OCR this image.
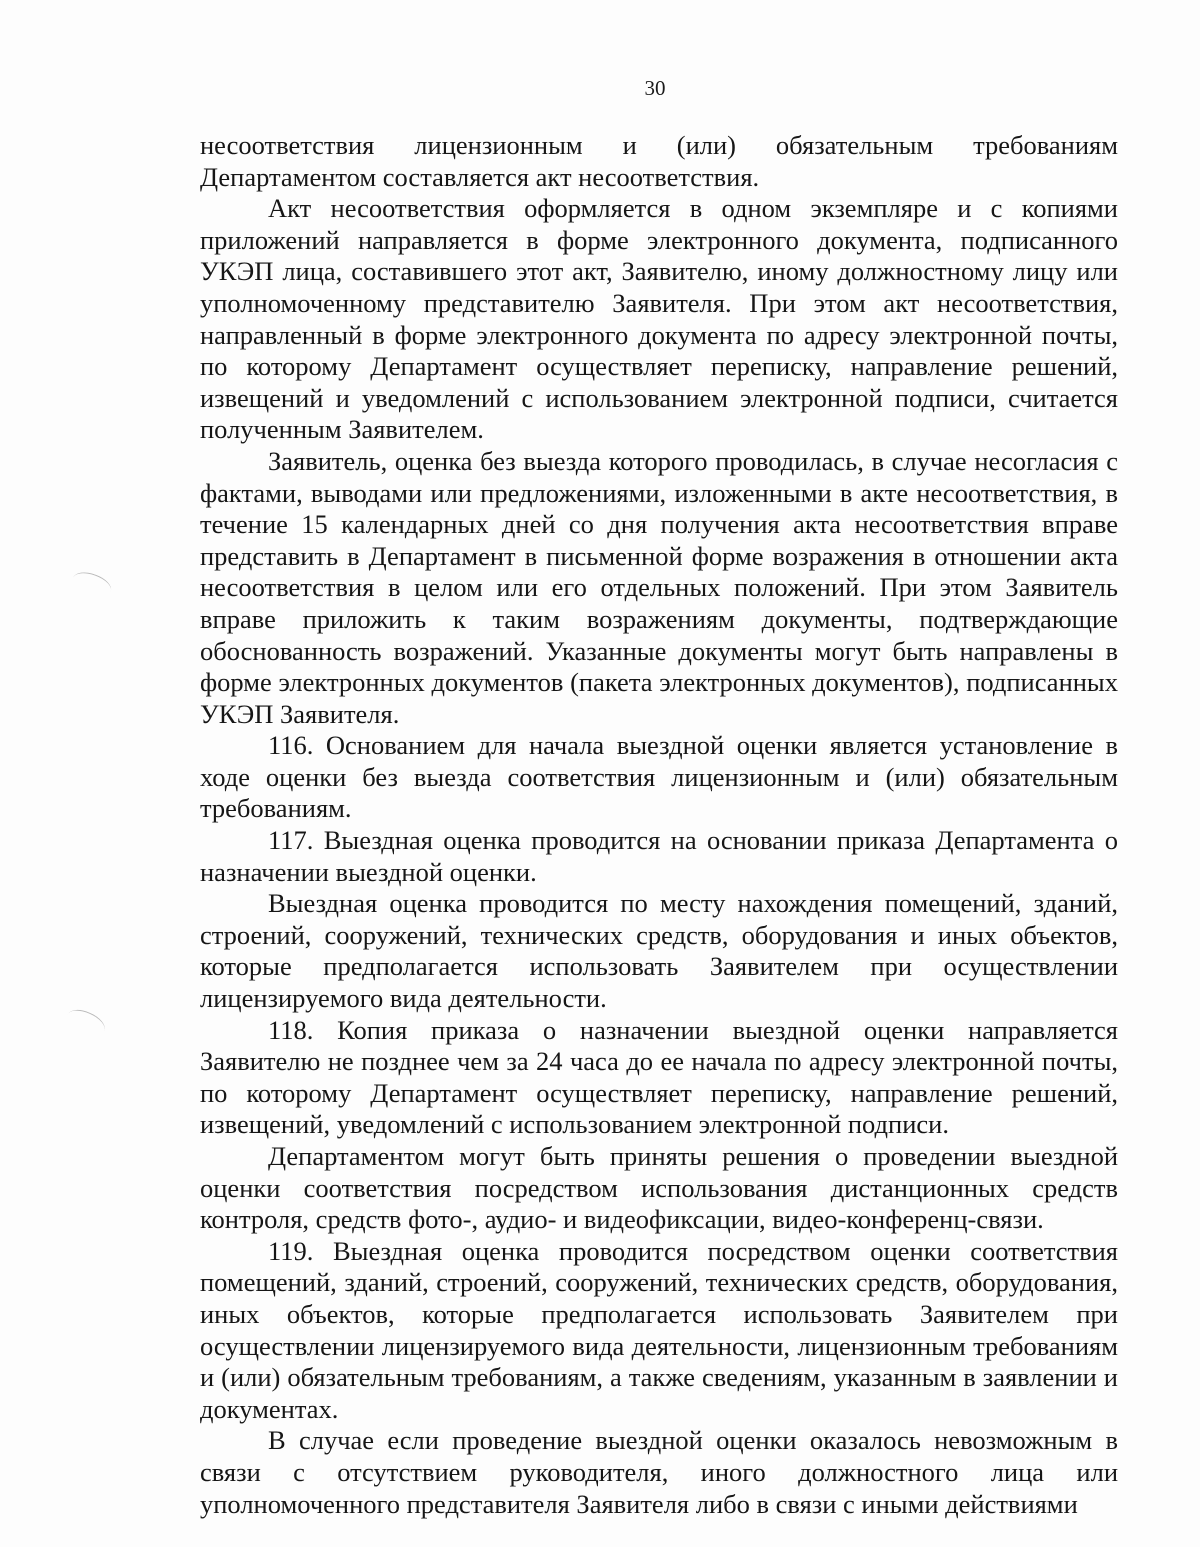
30

несоответствия лицензионным и (или) обязательным требованиям Департаментом составляется акт несоответствия.

Акт несоответствия оформляется в одном экземпляре и с копиями приложений направляется в форме электронного документа, подписанного УКЭП лица, составившего этот акт, Заявителю, иному должностному лицу или уполномоченному представителю Заявителя. При этом акт несоответствия, направленный в форме электронного документа по адресу электронной почты, по которому Департамент осуществляет переписку, направление решений, извещений и уведомлений с использованием электронной подписи, считается полученным Заявителем.

Заявитель, оценка без выезда которого проводилась, в случае несогласия с фактами, выводами или предложениями, изложенными в акте несоответствия, в течение 15 календарных дней со дня получения акта несоответствия вправе представить в Департамент в письменной форме возражения в отношении акта несоответствия в целом или его отдельных положений. При этом Заявитель вправе приложить к таким возражениям документы, подтверждающие обоснованность возражений. Указанные документы могут быть направлены в форме электронных документов (пакета электронных документов), подписанных УКЭП Заявителя.

116. Основанием для начала выездной оценки является установление в ходе оценки без выезда соответствия лицензионным и (или) обязательным требованиям.

117. Выездная оценка проводится на основании приказа Департамента о назначении выездной оценки.

Выездная оценка проводится по месту нахождения помещений, зданий, строений, сооружений, технических средств, оборудования и иных объектов, которые предполагается использовать Заявителем при осуществлении лицензируемого вида деятельности.

118. Копия приказа о назначении выездной оценки направляется Заявителю не позднее чем за 24 часа до ее начала по адресу электронной почты, по которому Департамент осуществляет переписку, направление решений, извещений, уведомлений с использованием электронной подписи.

Департаментом могут быть приняты решения о проведении выездной оценки соответствия посредством использования дистанционных средств контроля, средств фото-, аудио- и видеофиксации, видео-конференц-связи.

119. Выездная оценка проводится посредством оценки соответствия помещений, зданий, строений, сооружений, технических средств, оборудования, иных объектов, которые предполагается использовать Заявителем при осуществлении лицензируемого вида деятельности, лицензионным требованиям и (или) обязательным требованиям, а также сведениям, указанным в заявлении и документах.

В случае если проведение выездной оценки оказалось невозможным в связи с отсутствием руководителя, иного должностного лица или уполномоченного представителя Заявителя либо в связи с иными действиями
